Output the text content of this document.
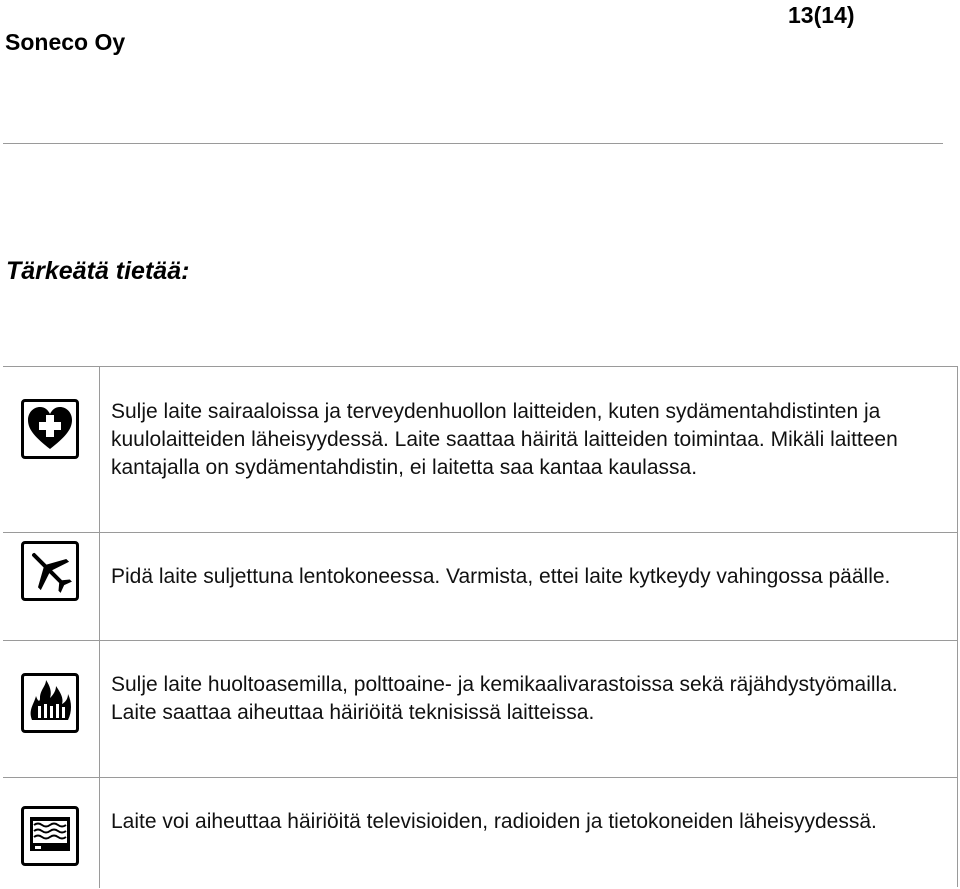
Soneco Oy
13(14)
Tärkeätä tietää:
Sulje laite sairaaloissa ja terveydenhuollon laitteiden, kuten sydämentahdistinten ja kuulolaitteiden läheisyydessä. Laite saattaa häiritä laitteiden toimintaa. Mikäli laitteen kantajalla on sydämentahdistin, ei laitetta saa kantaa kaulassa.
Pidä laite suljettuna lentokoneessa. Varmista, ettei laite kytkeydy vahingossa päälle.
Sulje laite huoltoasemilla, polttoaine- ja kemikaalivarastoissa sekä räjähdystyömailla. Laite saattaa aiheuttaa häiriöitä teknisissä laitteissa.
Laite voi aiheuttaa häiriöitä televisioiden, radioiden ja tietokoneiden läheisyydessä.
